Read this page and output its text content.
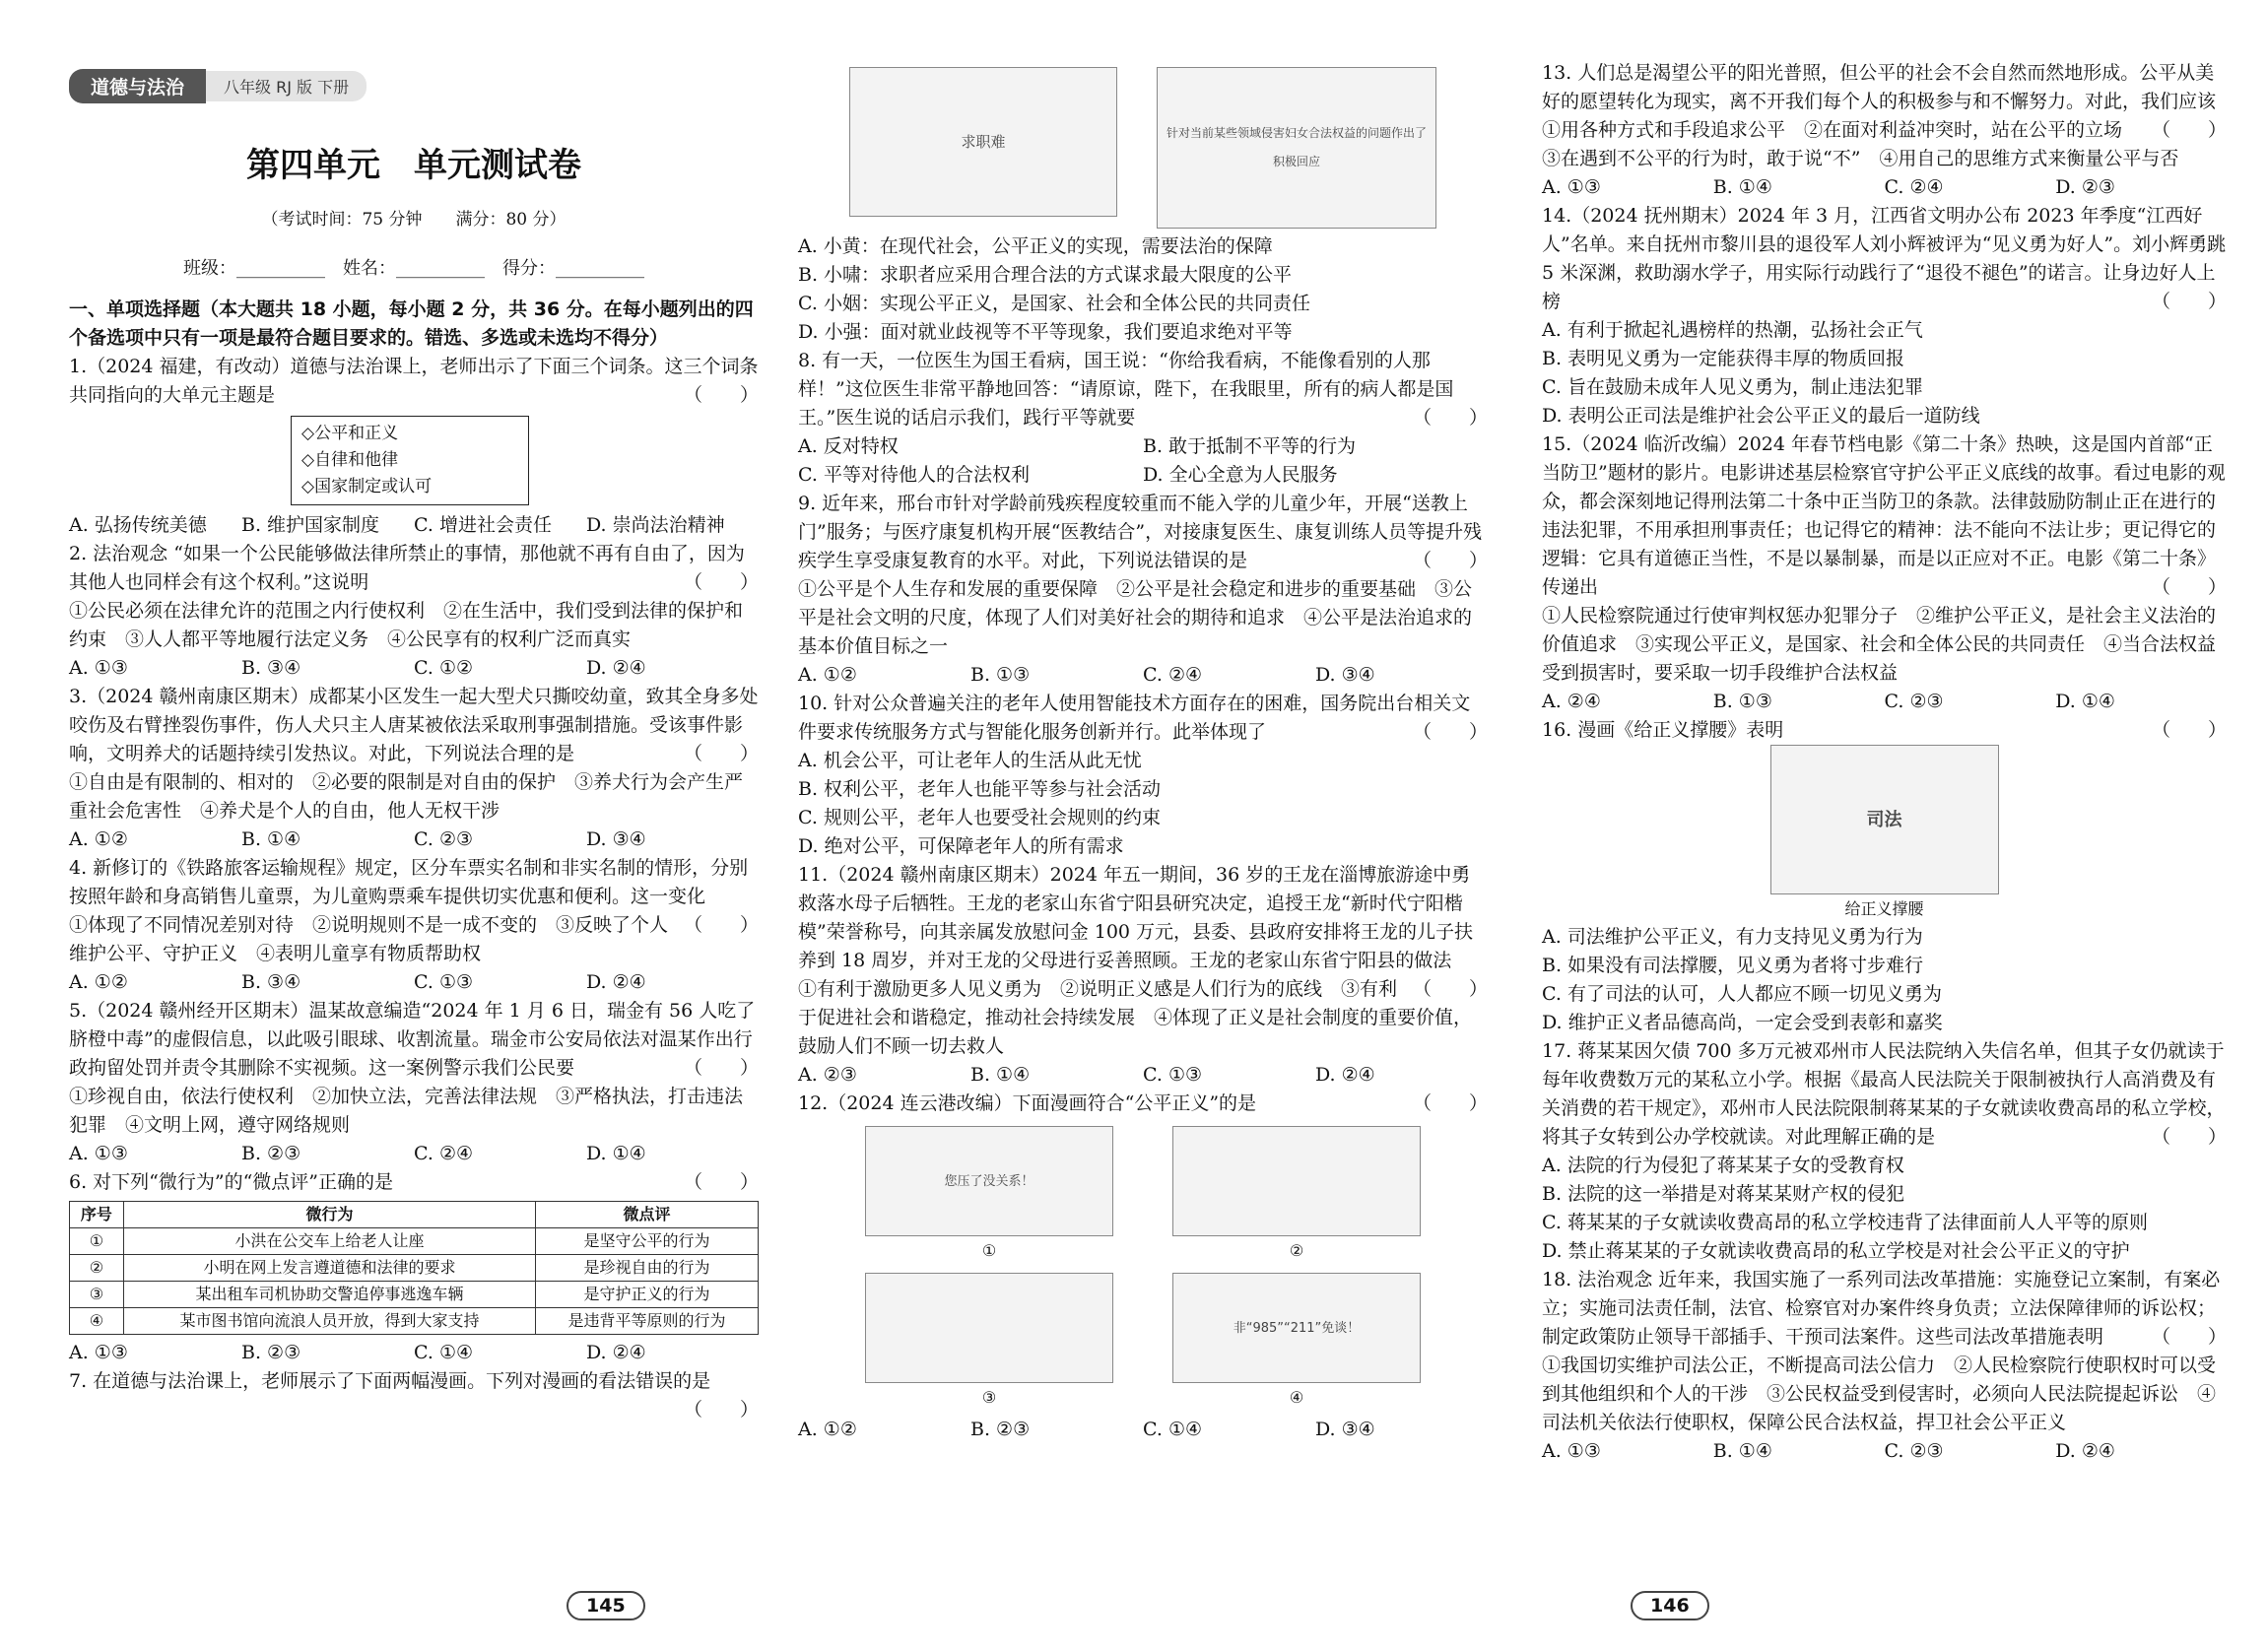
道德与法治	八年级 RJ 版 下册
第四单元　单元测试卷
（考试时间：75 分钟　　满分：80 分）
班级：__________　姓名：__________　得分：__________

一、单项选择题（本大题共 18 小题，每小题 2 分，共 36 分。在每小题列出的四个备选项中只有一项是最符合题目要求的。错选、多选或未选均不得分）

1.（2024 福建，有改动）道德与法治课上，老师出示了下面三个词条。这三个词条共同指向的大单元主题是	（　　）

◇公平和正义
◇自律和他律
◇国家制定或认可
A. 弘扬传统美德	B. 维护国家制度	C. 增进社会责任	D. 崇尚法治精神

2. 法治观念 “如果一个公民能够做法律所禁止的事情，那他就不再有自由了，因为其他人也同样会有这个权利。”这说明	（　　）

①公民必须在法律允许的范围之内行使权利　②在生活中，我们受到法律的保护和约束　③人人都平等地履行法定义务　④公民享有的权利广泛而真实

A. ①③	B. ③④	C. ①②	D. ②④

3.（2024 赣州南康区期末）成都某小区发生一起大型犬只撕咬幼童，致其全身多处咬伤及右臂挫裂伤事件，伤人犬只主人唐某被依法采取刑事强制措施。受该事件影响，文明养犬的话题持续引发热议。对此，下列说法合理的是	（　　）

①自由是有限制的、相对的　②必要的限制是对自由的保护　③养犬行为会产生严重社会危害性　④养犬是个人的自由，他人无权干涉

A. ①②	B. ①④	C. ②③	D. ③④

4. 新修订的《铁路旅客运输规程》规定，区分车票实名制和非实名制的情形，分别按照年龄和身高销售儿童票，为儿童购票乘车提供切实优惠和便利。这一变化
（　　）

①体现了不同情况差别对待　②说明规则不是一成不变的　③反映了个人维护公平、守护正义　④表明儿童享有物质帮助权

A. ①②	B. ③④	C. ①③	D. ②④

5.（2024 赣州经开区期末）温某故意编造“2024 年 1 月 6 日，瑞金有 56 人吃了脐橙中毒”的虚假信息，以此吸引眼球、收割流量。瑞金市公安局依法对温某作出行政拘留处罚并责令其删除不实视频。这一案例警示我们公民要	（　　）

①珍视自由，依法行使权利　②加快立法，完善法律法规　③严格执法，打击违法犯罪　④文明上网，遵守网络规则

A. ①③	B. ②③	C. ②④	D. ①④

6. 对下列“微行为”的“微点评”正确的是	（　　）

序号	微行为	微点评
①	小洪在公交车上给老人让座	是坚守公平的行为
②	小明在网上发言遵道德和法律的要求	是珍视自由的行为
③	某出租车司机协助交警追停事逃逸车辆	是守护正义的行为
④	某市图书馆向流浪人员开放，得到大家支持	是违背平等原则的行为
A. ①③	B. ②③	C. ①④	D. ②④

7. 在道德与法治课上，老师展示了下面两幅漫画。下列对漫画的看法错误的是
（　　）

求职难	针对当前某些领域侵害妇女合法权益的问题作出了积极回应

A. 小黄：在现代社会，公平正义的实现，需要法治的保障

B. 小啸：求职者应采用合理合法的方式谋求最大限度的公平

C. 小姻：实现公平正义，是国家、社会和全体公民的共同责任

D. 小强：面对就业歧视等不平等现象，我们要追求绝对平等

8. 有一天，一位医生为国王看病，国王说：“你给我看病，不能像看别的人那样！”这位医生非常平静地回答：“请原谅，陛下，在我眼里，所有的病人都是国王。”医生说的话启示我们，践行平等就要	（　　）

A. 反对特权	B. 敢于抵制不平等的行为
C. 平等对待他人的合法权利	D. 全心全意为人民服务

9. 近年来，邢台市针对学龄前残疾程度较重而不能入学的儿童少年，开展“送教上门”服务；与医疗康复机构开展“医教结合”，对接康复医生、康复训练人员等提升残疾学生享受康复教育的水平。对此，下列说法错误的是	（　　）

①公平是个人生存和发展的重要保障　②公平是社会稳定和进步的重要基础　③公平是社会文明的尺度，体现了人们对美好社会的期待和追求　④公平是法治追求的基本价值目标之一

A. ①②	B. ①③	C. ②④	D. ③④

10. 针对公众普遍关注的老年人使用智能技术方面存在的困难，国务院出台相关文件要求传统服务方式与智能化服务创新并行。此举体现了	（　　）

A. 机会公平，可让老年人的生活从此无忧

B. 权利公平，老年人也能平等参与社会活动

C. 规则公平，老年人也要受社会规则的约束

D. 绝对公平，可保障老年人的所有需求

11.（2024 赣州南康区期末）2024 年五一期间，36 岁的王龙在淄博旅游途中勇救落水母子后牺牲。王龙的老家山东省宁阳县研究决定，追授王龙“新时代宁阳楷模”荣誉称号，向其亲属发放慰问金 100 万元，县委、县政府安排将王龙的儿子扶养到 18 周岁，并对王龙的父母进行妥善照顾。王龙的老家山东省宁阳县的做法
（　　）

①有利于激励更多人见义勇为　②说明正义感是人们行为的底线　③有利于促进社会和谐稳定，推动社会持续发展　④体现了正义是社会制度的重要价值，鼓励人们不顾一切去救人

A. ②③	B. ①④	C. ①③	D. ②④

12.（2024 连云港改编）下面漫画符合“公平正义”的是	（　　）

您压了没关系！
①	②
③
非“985”“211”免谈！
④
A. ①②	B. ②③	C. ①④	D. ③④

13. 人们总是渴望公平的阳光普照，但公平的社会不会自然而然地形成。公平从美好的愿望转化为现实，离不开我们每个人的积极参与和不懈努力。对此，我们应该
（　　）

①用各种方式和手段追求公平　②在面对利益冲突时，站在公平的立场　③在遇到不公平的行为时，敢于说“不”　④用自己的思维方式来衡量公平与否

A. ①③	B. ①④	C. ②④	D. ②③

14.（2024 抚州期末）2024 年 3 月，江西省文明办公布 2023 年季度“江西好人”名单。来自抚州市黎川县的退役军人刘小辉被评为“见义勇为好人”。刘小辉勇跳 5 米深渊，救助溺水学子，用实际行动践行了“退役不褪色”的诺言。让身边好人上榜	（　　）

A. 有利于掀起礼遇榜样的热潮，弘扬社会正气

B. 表明见义勇为一定能获得丰厚的物质回报

C. 旨在鼓励未成年人见义勇为，制止违法犯罪

D. 表明公正司法是维护社会公平正义的最后一道防线

15.（2024 临沂改编）2024 年春节档电影《第二十条》热映，这是国内首部“正当防卫”题材的影片。电影讲述基层检察官守护公平正义底线的故事。看过电影的观众，都会深刻地记得刑法第二十条中正当防卫的条款。法律鼓励防制止正在进行的违法犯罪，不用承担刑事责任；也记得它的精神：法不能向不法让步；更记得它的逻辑：它具有道德正当性，不是以暴制暴，而是以正应对不正。电影《第二十条》传递出	（　　）

①人民检察院通过行使审判权惩办犯罪分子　②维护公平正义，是社会主义法治的价值追求　③实现公平正义，是国家、社会和全体公民的共同责任　④当合法权益受到损害时，要采取一切手段维护合法权益

A. ②④	B. ①③	C. ②③	D. ①④

16. 漫画《给正义撑腰》表明	（　　）

司法
给正义撑腰

A. 司法维护公平正义，有力支持见义勇为行为

B. 如果没有司法撑腰，见义勇为者将寸步难行

C. 有了司法的认可，人人都应不顾一切见义勇为

D. 维护正义者品德高尚，一定会受到表彰和嘉奖

17. 蒋某某因欠债 700 多万元被邓州市人民法院纳入失信名单，但其子女仍就读于每年收费数万元的某私立小学。根据《最高人民法院关于限制被执行人高消费及有关消费的若干规定》，邓州市人民法院限制蒋某某的子女就读收费高昂的私立学校，将其子女转到公办学校就读。对此理解正确的是	（　　）

A. 法院的行为侵犯了蒋某某子女的受教育权

B. 法院的这一举措是对蒋某某财产权的侵犯

C. 蒋某某的子女就读收费高昂的私立学校违背了法律面前人人平等的原则

D. 禁止蒋某某的子女就读收费高昂的私立学校是对社会公平正义的守护

18. 法治观念 近年来，我国实施了一系列司法改革措施：实施登记立案制，有案必立；实施司法责任制，法官、检察官对办案件终身负责；立法保障律师的诉讼权；制定政策防止领导干部插手、干预司法案件。这些司法改革措施表明	（　　）

①我国切实维护司法公正，不断提高司法公信力　②人民检察院行使职权时可以受到其他组织和个人的干涉　③公民权益受到侵害时，必须向人民法院提起诉讼　④司法机关依法行使职权，保障公民合法权益，捍卫社会公平正义

A. ①③	B. ①④	C. ②③	D. ②④
145	146
